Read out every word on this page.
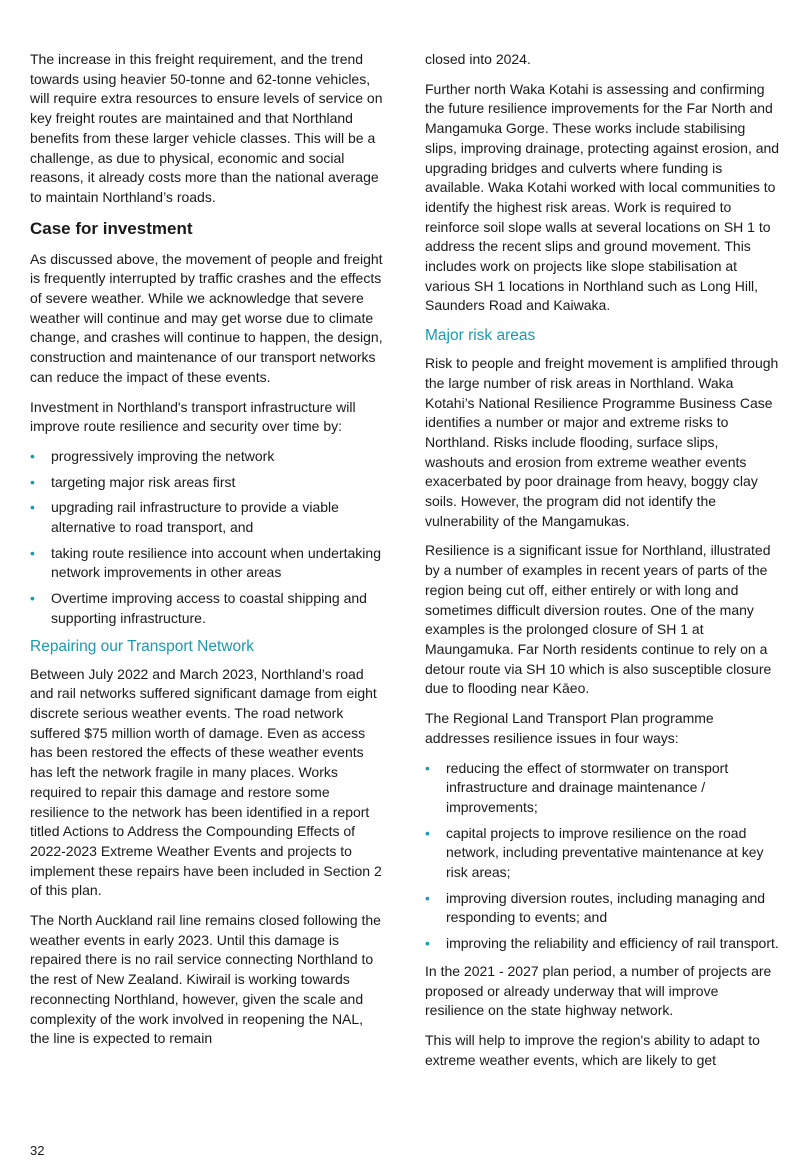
The increase in this freight requirement, and the trend towards using heavier 50-tonne and 62-tonne vehicles, will require extra resources to ensure levels of service on key freight routes are maintained and that Northland benefits from these larger vehicle classes. This will be a challenge, as due to physical, economic and social reasons, it already costs more than the national average to maintain Northland’s roads.

Case for investment

As discussed above, the movement of people and freight is frequently interrupted by traffic crashes and the effects of severe weather. While we acknowledge that severe weather will continue and may get worse due to climate change, and crashes will continue to happen, the design, construction and maintenance of our transport networks can reduce the impact of these events.

Investment in Northland's transport infrastructure will improve route resilience and security over time by:

• progressively improving the network
• targeting major risk areas first
• upgrading rail infrastructure to provide a viable alternative to road transport, and
• taking route resilience into account when undertaking network improvements in other areas
• Overtime improving access to coastal shipping and supporting infrastructure.
Repairing our Transport Network

Between July 2022 and March 2023, Northland’s road and rail networks suffered significant damage from eight discrete serious weather events. The road network suffered $75 million worth of damage. Even as access has been restored the effects of these weather events has left the network fragile in many places. Works required to repair this damage and restore some resilience to the network has been identified in a report titled Actions to Address the Compounding Effects of 2022-2023 Extreme Weather Events and projects to implement these repairs have been included in Section 2 of this plan.

The North Auckland rail line remains closed following the weather events in early 2023. Until this damage is repaired there is no rail service connecting Northland to the rest of New Zealand. Kiwirail is working towards reconnecting Northland, however, given the scale and complexity of the work involved in reopening the NAL, the line is expected to remain

closed into 2024.

Further north Waka Kotahi is assessing and confirming the future resilience improvements for the Far North and Mangamuka Gorge. These works include stabilising slips, improving drainage, protecting against erosion, and upgrading bridges and culverts where funding is available. Waka Kotahi worked with local communities to identify the highest risk areas. Work is required to reinforce soil slope walls at several locations on SH 1 to address the recent slips and ground movement. This includes work on projects like slope stabilisation at various SH 1 locations in Northland such as Long Hill, Saunders Road and Kaiwaka.

Major risk areas

Risk to people and freight movement is amplified through the large number of risk areas in Northland. Waka Kotahi’s National Resilience Programme Business Case identifies a number or major and extreme risks to Northland. Risks include flooding, surface slips, washouts and erosion from extreme weather events exacerbated by poor drainage from heavy, boggy clay soils. However, the program did not identify the vulnerability of the Mangamukas.

Resilience is a significant issue for Northland, illustrated by a number of examples in recent years of parts of the region being cut off, either entirely or with long and sometimes difficult diversion routes. One of the many examples is the prolonged closure of SH 1 at Maungamuka. Far North residents continue to rely on a detour route via SH 10 which is also susceptible closure due to flooding near Kāeo.

The Regional Land Transport Plan programme addresses resilience issues in four ways:

• reducing the effect of stormwater on transport infrastructure and drainage maintenance / improvements;
• capital projects to improve resilience on the road network, including preventative maintenance at key risk areas;
• improving diversion routes, including managing and responding to events; and
• improving the reliability and efficiency of rail transport.

In the 2021 - 2027 plan period, a number of projects are proposed or already underway that will improve resilience on the state highway network.

This will help to improve the region's ability to adapt to extreme weather events, which are likely to get

32
